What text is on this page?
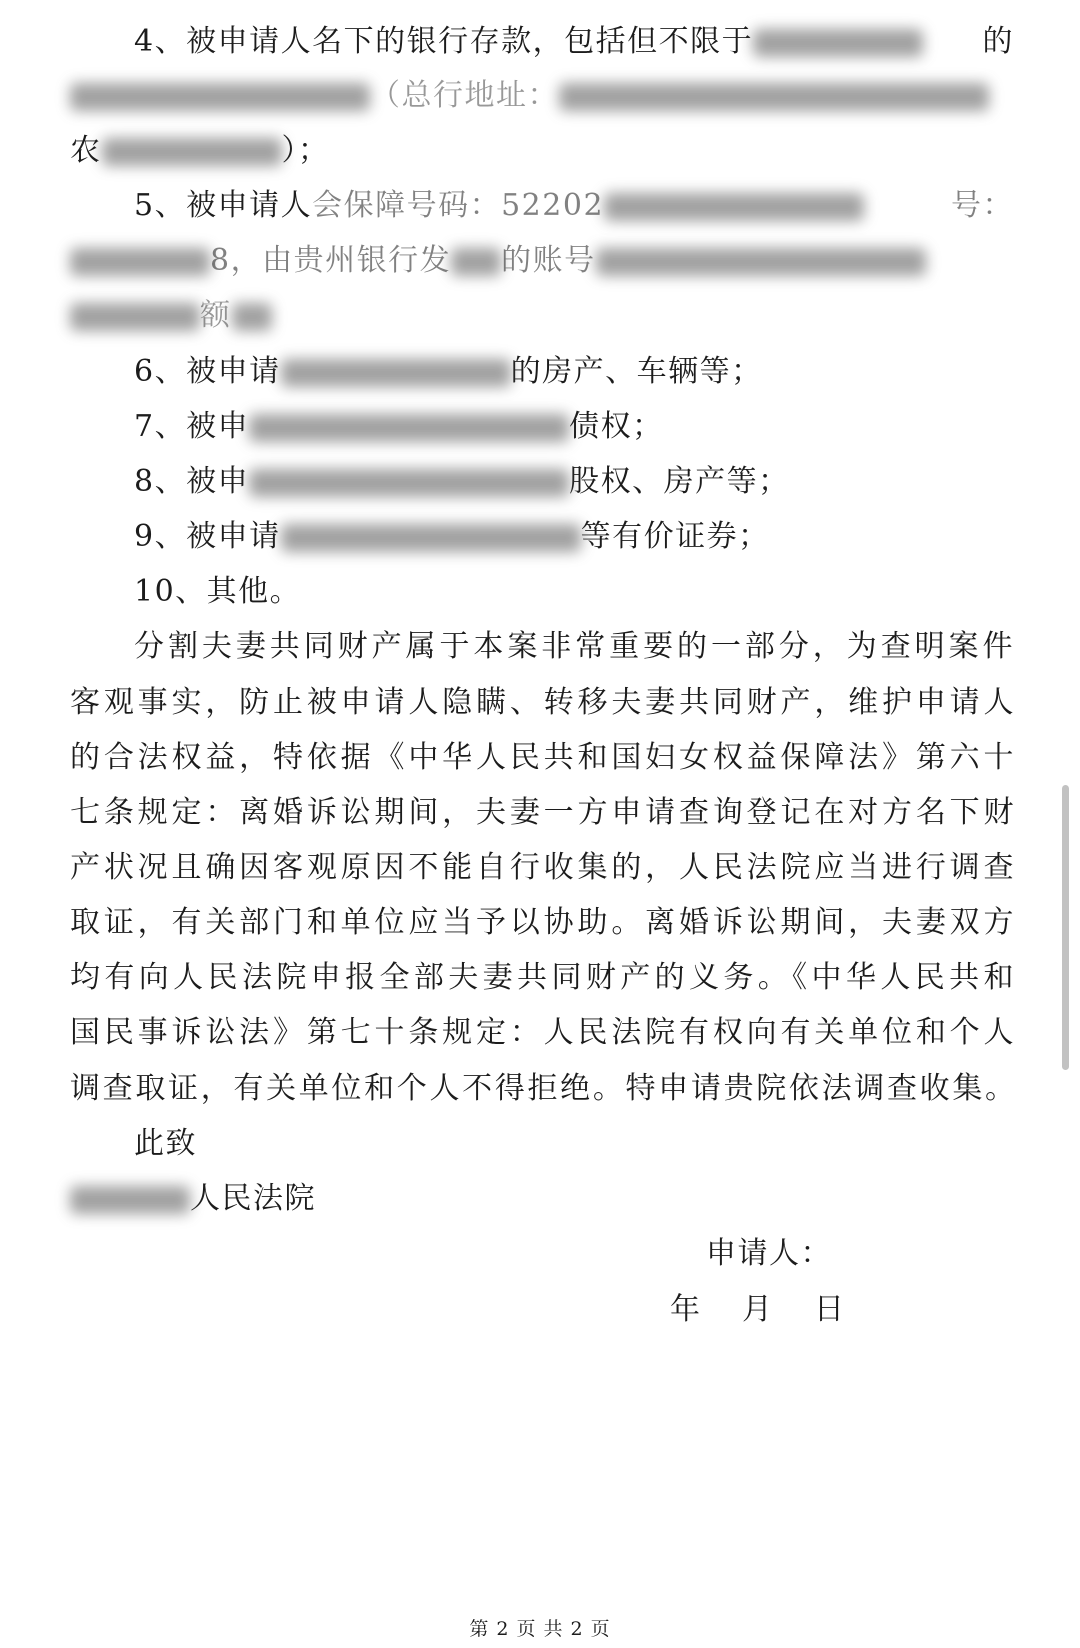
4、被申请人名下的银行存款，包括但不限于	的
（总行地址：
农	）；
5、被申请人会保障号码：52202	号：
8，由贵州银行发 的账号
额
6、被申请	的房产、车辆等；
7、被申	债权；
8、被申	股权、房产等；
9、被申请	等有价证券；
10、其他。
分割夫妻共同财产属于本案非常重要的一部分，为查明案件
客观事实，防止被申请人隐瞒、转移夫妻共同财产，维护申请人
的合法权益，特依据《中华人民共和国妇女权益保障法》第六十
七条规定：离婚诉讼期间，夫妻一方申请查询登记在对方名下财
产状况且确因客观原因不能自行收集的，人民法院应当进行调查
取证，有关部门和单位应当予以协助。离婚诉讼期间，夫妻双方
均有向人民法院申报全部夫妻共同财产的义务。《中华人民共和
国民事诉讼法》第七十条规定：人民法院有权向有关单位和个人
调查取证，有关单位和个人不得拒绝。特申请贵院依法调查收集。
此致
人民法院
申请人：
年　月　日
第 2 页 共 2 页
